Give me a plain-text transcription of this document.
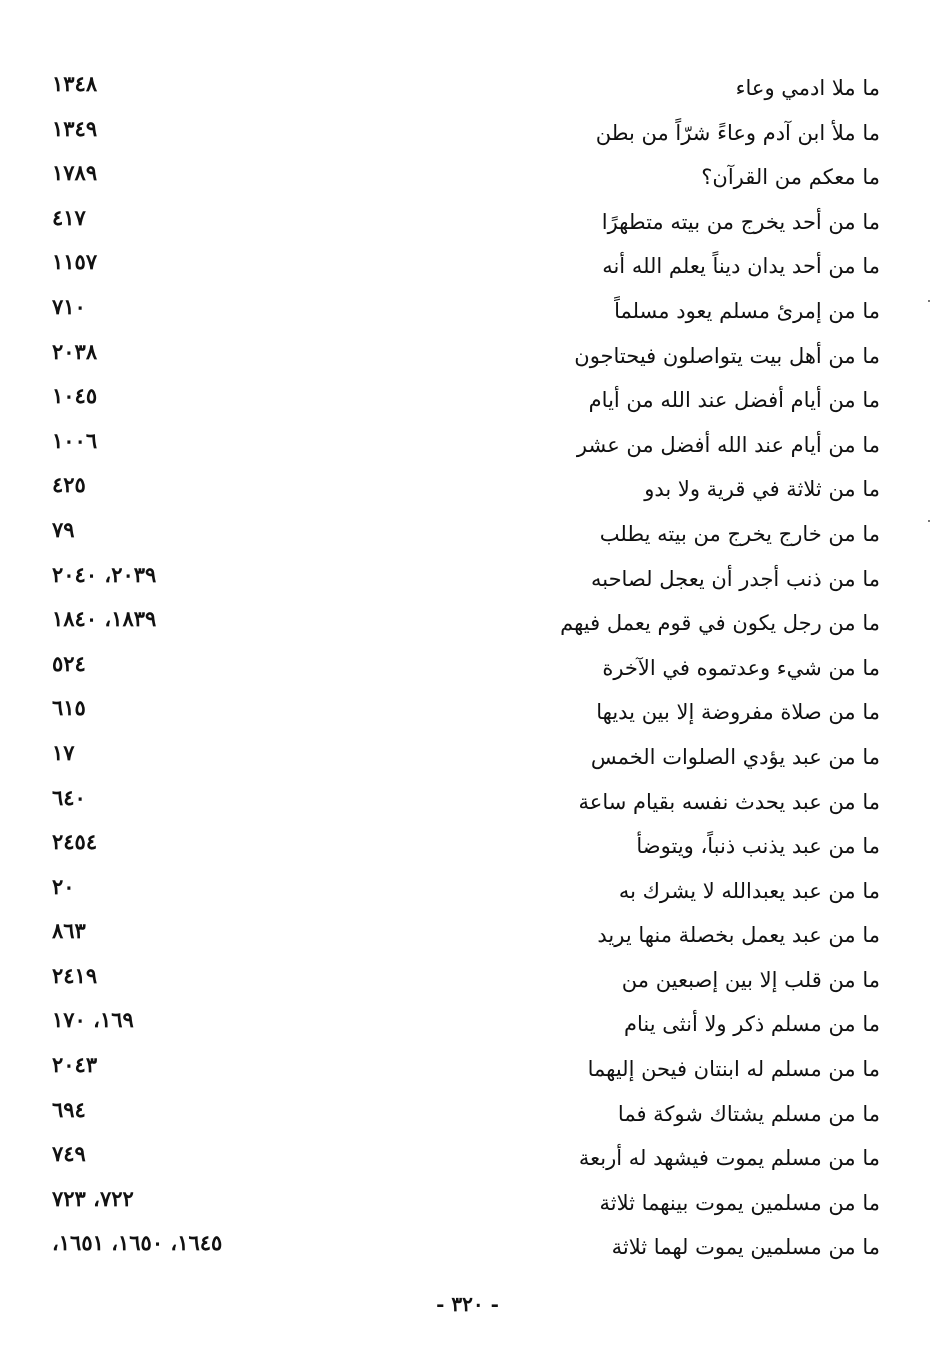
ما ملا ادمي وعاء
١٣٤٨
ما ملأ ابن آدم وعاءً شرّاً من بطن
١٣٤٩
ما معكم من القرآن؟
١٧٨٩
ما من أحد يخرج من بيته متطهرًا
٤١٧
ما من أحد يدان ديناً يعلم الله أنه
١١٥٧
ما من إمرئ مسلم يعود مسلماً
٧١٠
ما من أهل بيت يتواصلون فيحتاجون
٢٠٣٨
ما من أيام أفضل عند الله من أيام
١٠٤٥
ما من أيام عند الله أفضل من عشر
١٠٠٦
ما من ثلاثة في قرية ولا بدو
٤٢٥
ما من خارج يخرج من بيته يطلب
٧٩
ما من ذنب أجدر أن يعجل لصاحبه
٢٠٣٩، ٢٠٤٠
ما من رجل يكون في قوم يعمل فيهم
١٨٣٩، ١٨٤٠
ما من شيء وعدتموه في الآخرة
٥٢٤
ما من صلاة مفروضة إلا بين يديها
٦١٥
ما من عبد يؤدي الصلوات الخمس
١٧
ما من عبد يحدث نفسه بقيام ساعة
٦٤٠
ما من عبد يذنب ذنباً، ويتوضأ
٢٤٥٤
ما من عبد يعبدالله لا يشرك به
٢٠
ما من عبد يعمل بخصلة منها يريد
٨٦٣
ما من قلب إلا بين إصبعين من
٢٤١٩
ما من مسلم ذكر ولا أنثى ينام
١٦٩، ١٧٠
ما من مسلم له ابنتان فيحن إليهما
٢٠٤٣
ما من مسلم يشتاك شوكة فما
٦٩٤
ما من مسلم يموت فيشهد له أربعة
٧٤٩
ما من مسلمين يموت بينهما ثلاثة
٧٢٢، ٧٢٣
ما من مسلمين يموت لهما ثلاثة
١٦٤٥، ١٦٥٠، ١٦٥١،
- ٣٢٠ -
